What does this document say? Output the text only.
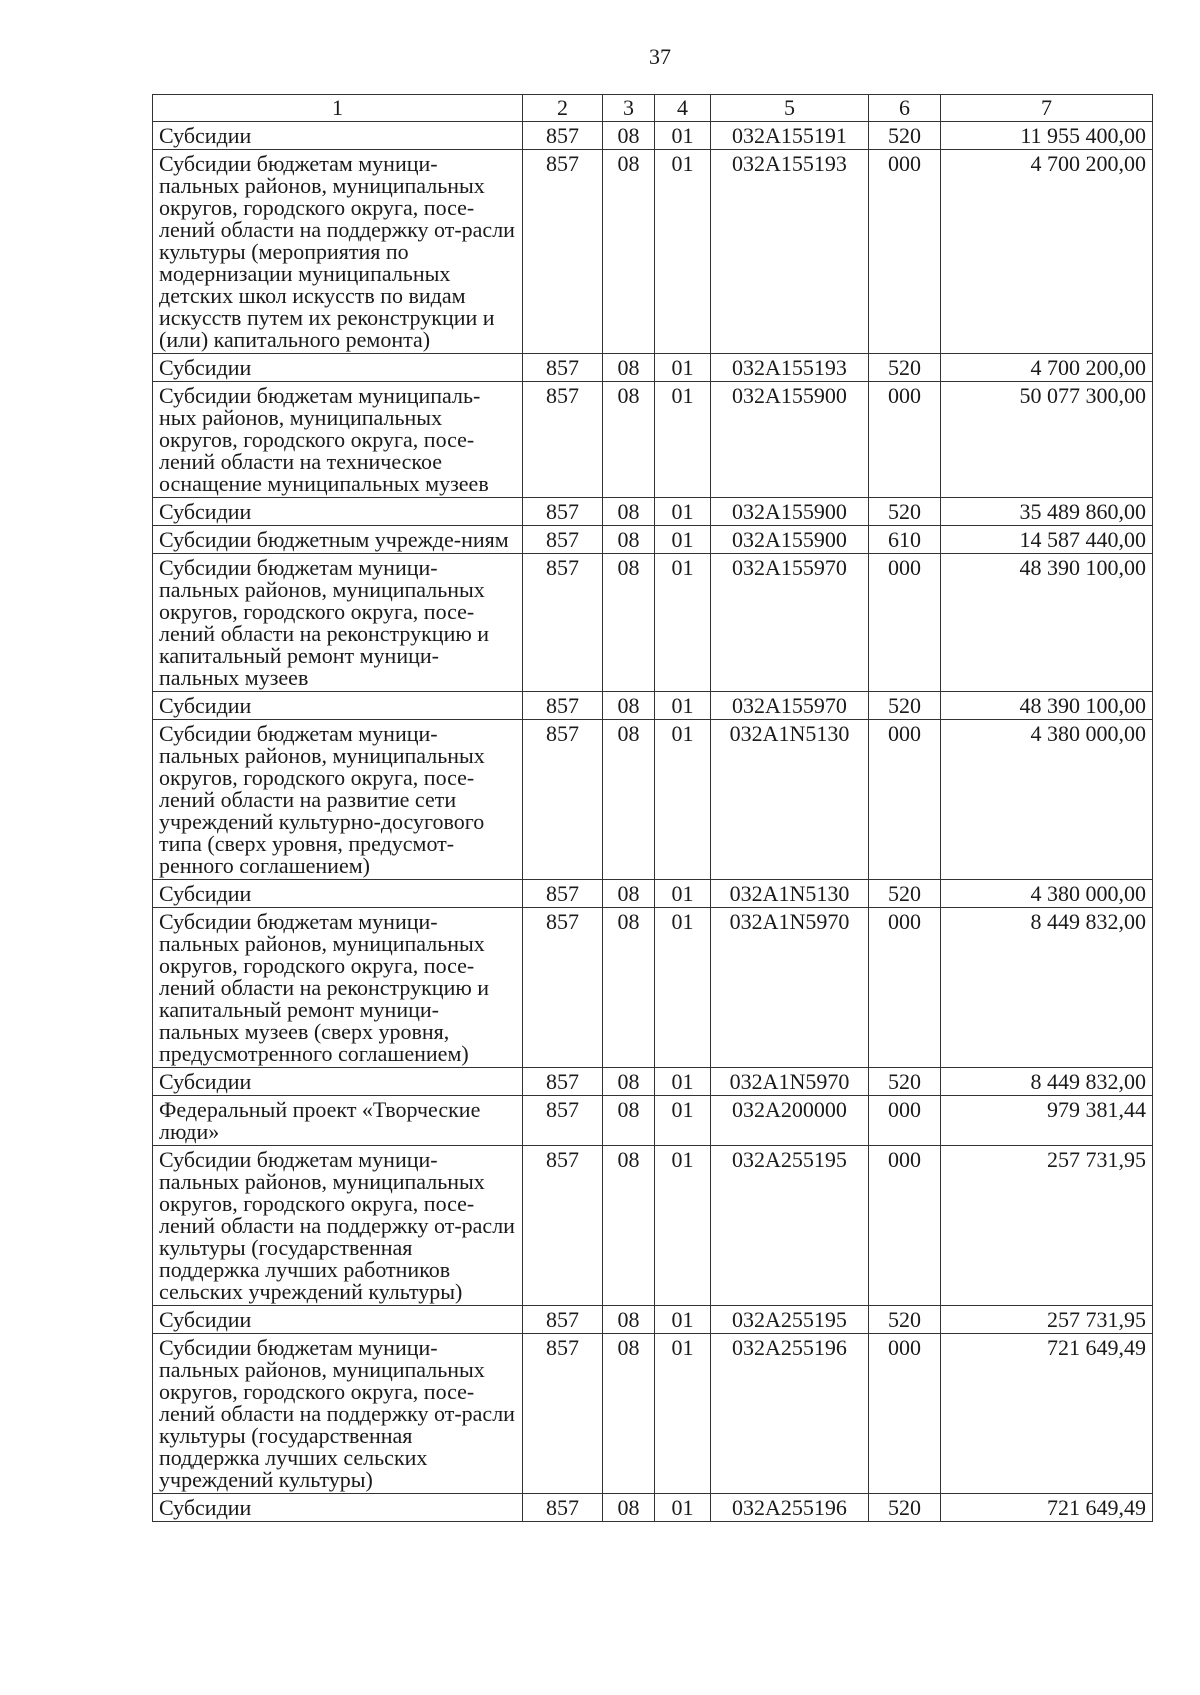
37
1	2	3	4	5	6	7
Субсидии	857	08	01	032А155191	520	11 955 400,00
Субсидии бюджетам муници-пальных районов, муниципальных округов, городского округа, посе-лений области на поддержку от-расли культуры (мероприятия по модернизации муниципальных детских школ искусств по видам искусств путем их реконструкции и (или) капитального ремонта)	857	08	01	032А155193	000	4 700 200,00
Субсидии	857	08	01	032А155193	520	4 700 200,00
Субсидии бюджетам муниципаль-ных районов, муниципальных округов, городского округа, посе-лений области на техническое оснащение муниципальных музеев	857	08	01	032А155900	000	50 077 300,00
Субсидии	857	08	01	032А155900	520	35 489 860,00
Субсидии бюджетным учрежде-ниям	857	08	01	032А155900	610	14 587 440,00
Субсидии бюджетам муници-пальных районов, муниципальных округов, городского округа, посе-лений области на реконструкцию и капитальный ремонт муници-пальных музеев	857	08	01	032А155970	000	48 390 100,00
Субсидии	857	08	01	032А155970	520	48 390 100,00
Субсидии бюджетам муници-пальных районов, муниципальных округов, городского округа, посе-лений области на развитие сети учреждений культурно-досугового типа (сверх уровня, предусмот-ренного соглашением)	857	08	01	032А1N5130	000	4 380 000,00
Субсидии	857	08	01	032А1N5130	520	4 380 000,00
Субсидии бюджетам муници-пальных районов, муниципальных округов, городского округа, посе-лений области на реконструкцию и капитальный ремонт муници-пальных музеев (сверх уровня, предусмотренного соглашением)	857	08	01	032А1N5970	000	8 449 832,00
Субсидии	857	08	01	032А1N5970	520	8 449 832,00
Федеральный проект «Творческие люди»	857	08	01	032А200000	000	979 381,44
Субсидии бюджетам муници-пальных районов, муниципальных округов, городского округа, посе-лений области на поддержку от-расли культуры (государственная поддержка лучших работников сельских учреждений культуры)	857	08	01	032А255195	000	257 731,95
Субсидии	857	08	01	032А255195	520	257 731,95
Субсидии бюджетам муници-пальных районов, муниципальных округов, городского округа, посе-лений области на поддержку от-расли культуры (государственная поддержка лучших сельских учреждений культуры)	857	08	01	032А255196	000	721 649,49
Субсидии	857	08	01	032А255196	520	721 649,49
